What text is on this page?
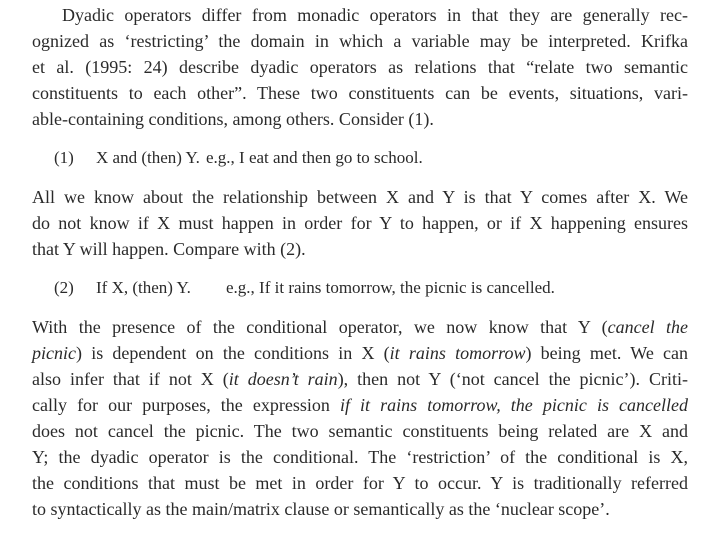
Dyadic operators differ from monadic operators in that they are generally rec-
ognized as ‘restricting’ the domain in which a variable may be interpreted. Krifka
et al. (1995: 24) describe dyadic operators as relations that “relate two semantic
constituents to each other”. These two constituents can be events, situations, vari-
able-containing conditions, among others. Consider (1).

(1) X and (then) Y. e.g., I eat and then go to school.

All we know about the relationship between X and Y is that Y comes after X. We
do not know if X must happen in order for Y to happen, or if X happening ensures
that Y will happen. Compare with (2).

(2) If X, (then) Y. e.g., If it rains tomorrow, the picnic is cancelled.

With the presence of the conditional operator, we now know that Y (cancel the
picnic) is dependent on the conditions in X (it rains tomorrow) being met. We can
also infer that if not X (it doesn’t rain), then not Y (‘not cancel the picnic’). Criti-
cally for our purposes, the expression if it rains tomorrow, the picnic is cancelled
does not cancel the picnic. The two semantic constituents being related are X and
Y; the dyadic operator is the conditional. The ‘restriction’ of the conditional is X,
the conditions that must be met in order for Y to occur. Y is traditionally referred
to syntactically as the main/matrix clause or semantically as the ‘nuclear scope’.
